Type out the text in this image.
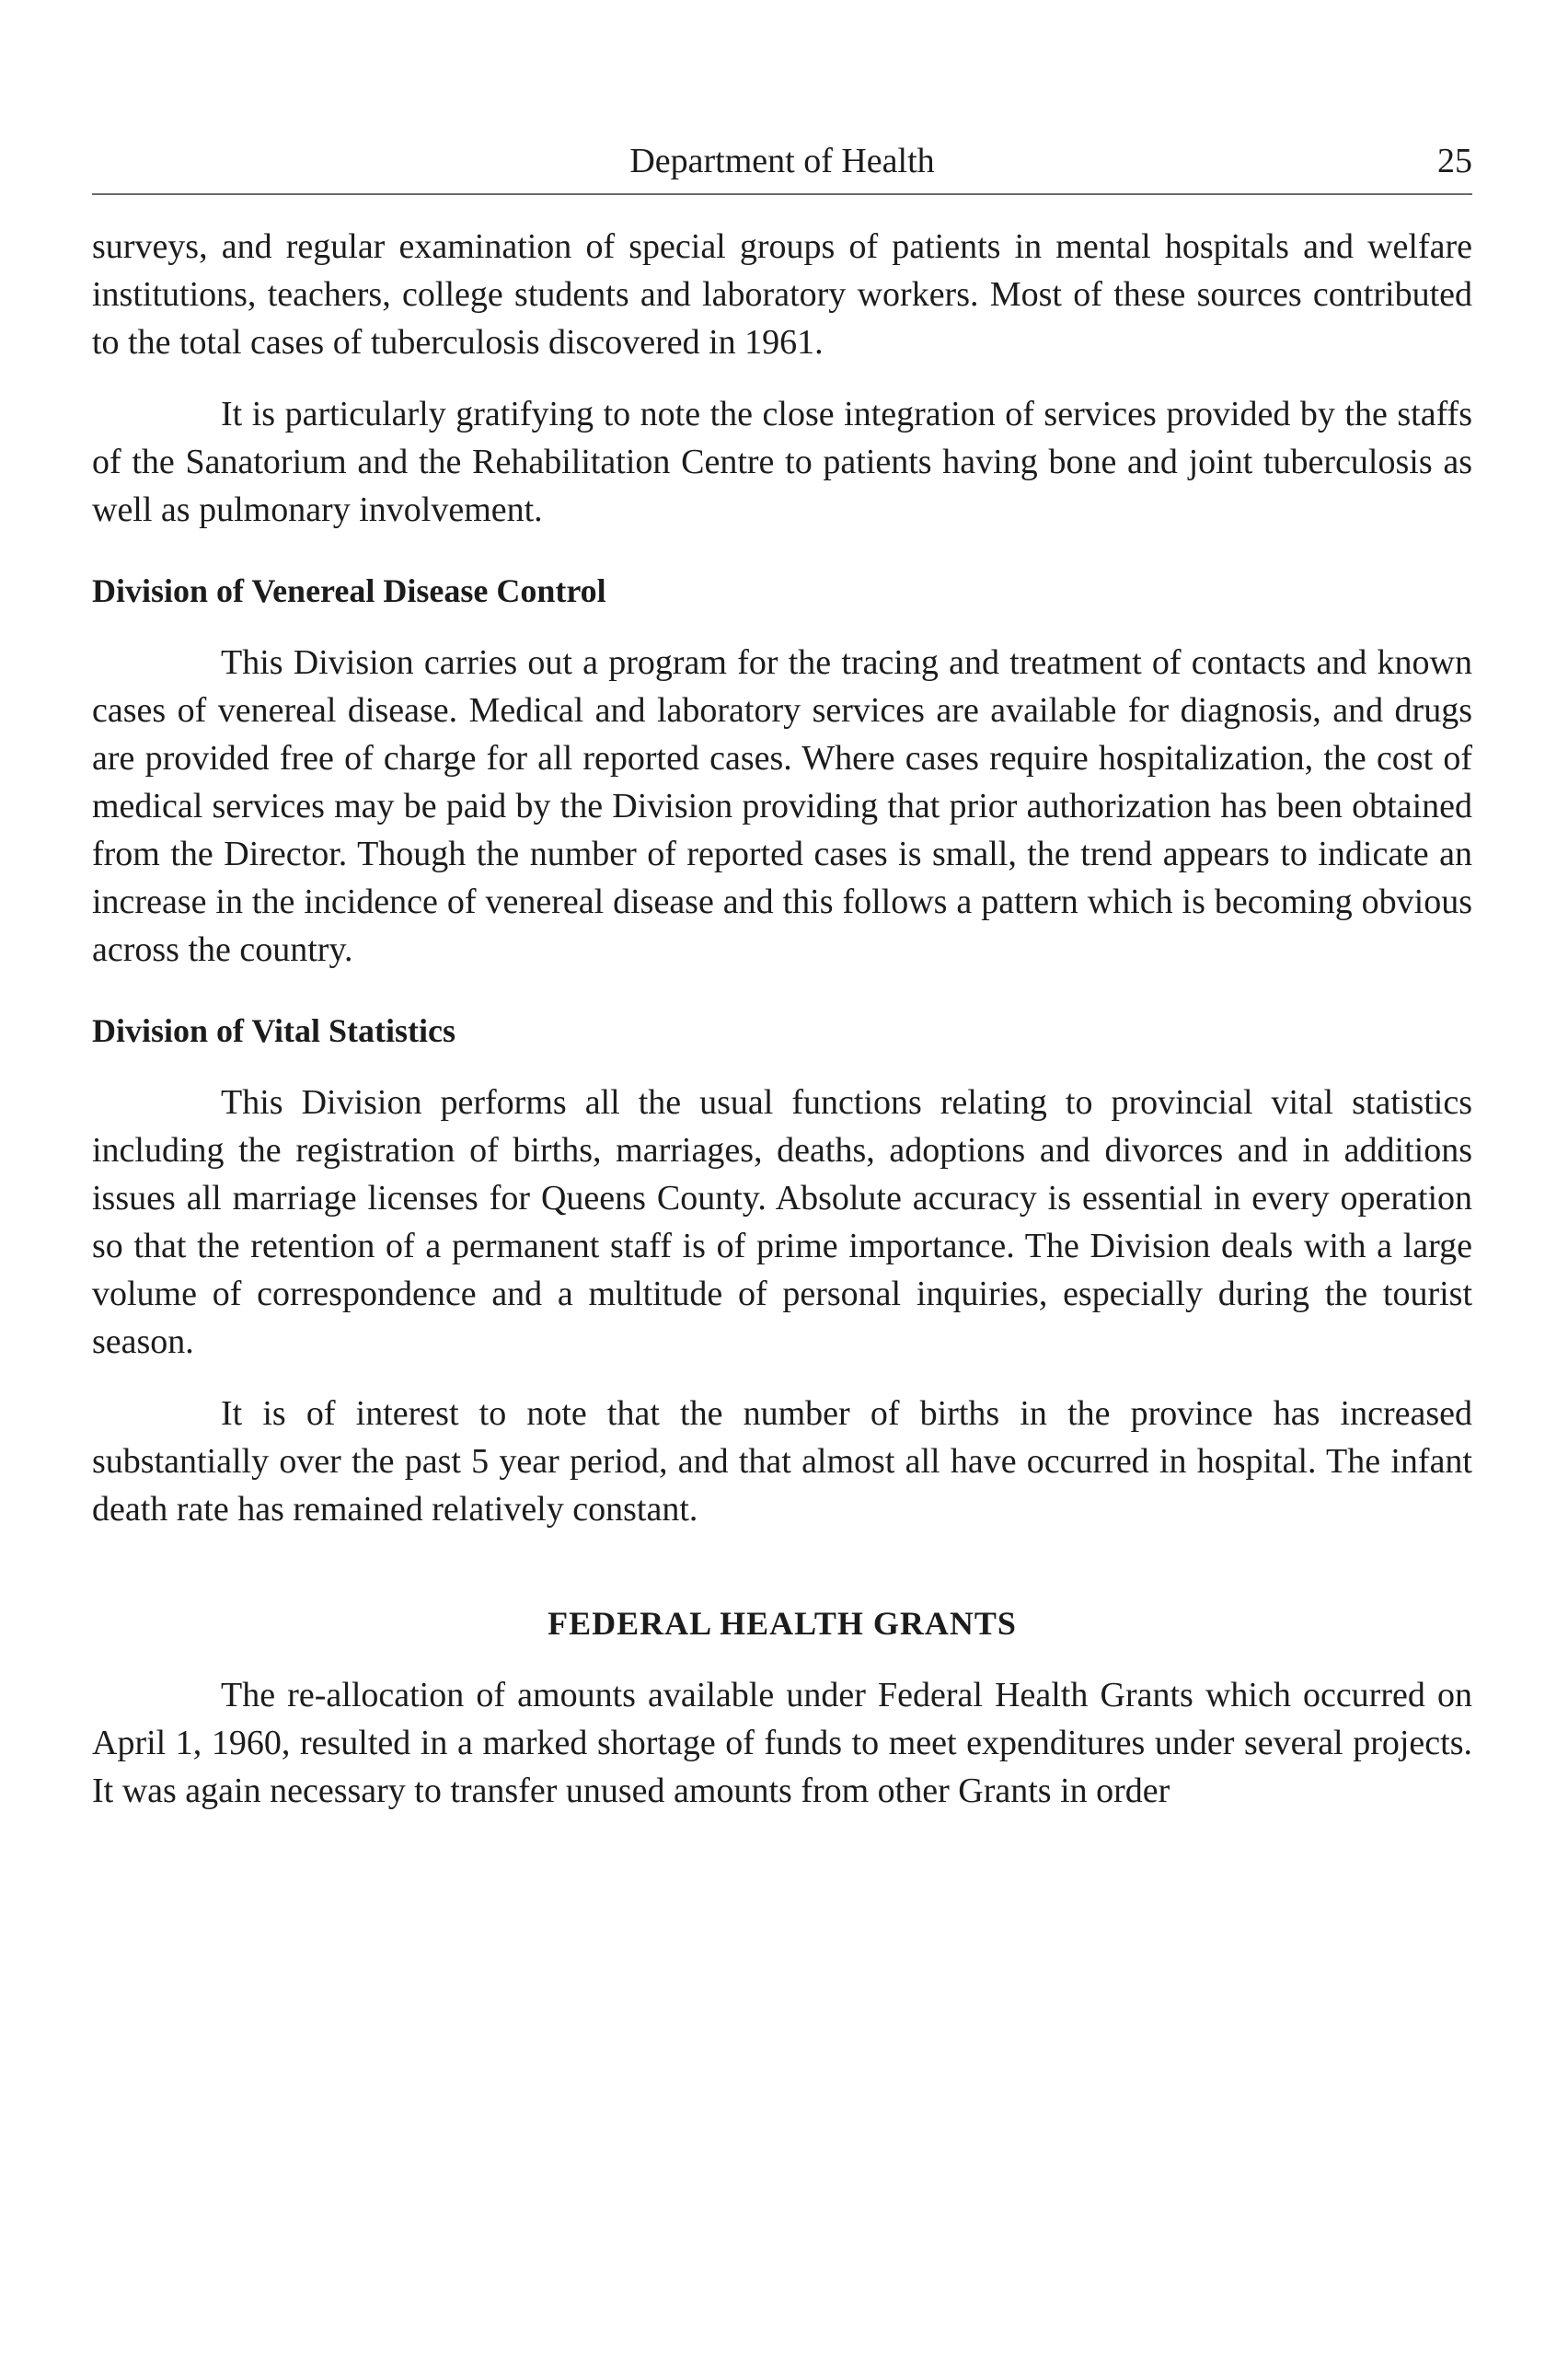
Department of Health	25

surveys, and regular examination of special groups of patients in mental hospitals and welfare institutions, teachers, college students and laboratory workers. Most of these sources contributed to the total cases of tuberculosis discovered in 1961.

It is particularly gratifying to note the close integration of services provided by the staffs of the Sanatorium and the Rehabilitation Centre to patients having bone and joint tuberculosis as well as pulmonary involvement.

Division of Venereal Disease Control

This Division carries out a program for the tracing and treatment of contacts and known cases of venereal disease. Medical and laboratory services are available for diagnosis, and drugs are provided free of charge for all reported cases. Where cases require hospitalization, the cost of medical services may be paid by the Division providing that prior authorization has been obtained from the Director. Though the number of reported cases is small, the trend appears to indicate an increase in the incidence of venereal disease and this follows a pattern which is becoming obvious across the country.

Division of Vital Statistics

This Division performs all the usual functions relating to provincial vital statistics including the registration of births, marriages, deaths, adoptions and divorces and in additions issues all marriage licenses for Queens County. Absolute accuracy is essential in every operation so that the retention of a permanent staff is of prime importance. The Division deals with a large volume of correspondence and a multitude of personal inquiries, especially during the tourist season.

It is of interest to note that the number of births in the province has increased substantially over the past 5 year period, and that almost all have occurred in hospital. The infant death rate has remained relatively constant.

FEDERAL HEALTH GRANTS

The re-allocation of amounts available under Federal Health Grants which occurred on April 1, 1960, resulted in a marked shortage of funds to meet expenditures under several projects. It was again necessary to transfer unused amounts from other Grants in order
